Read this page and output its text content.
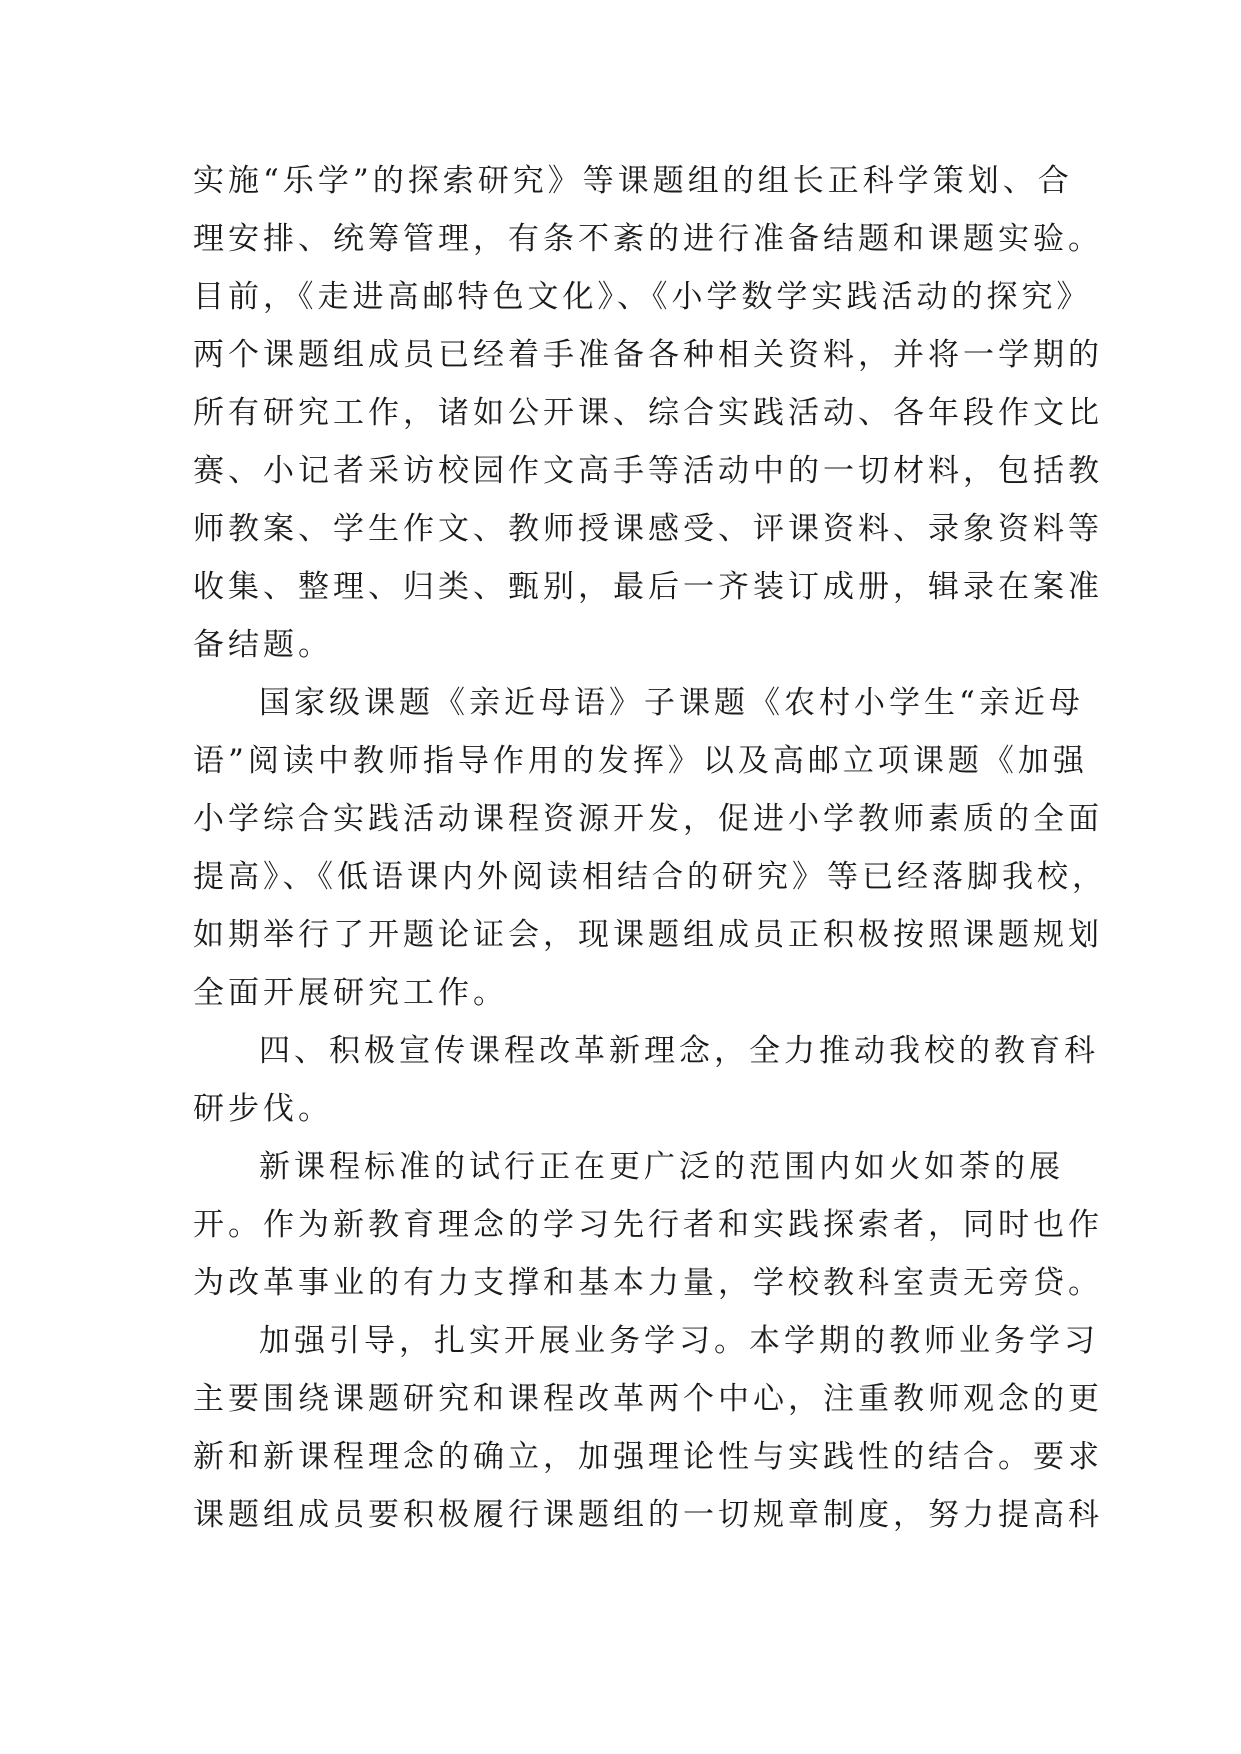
实施“乐学”的探索研究》等课题组的组长正科学策划、合
理安排、统筹管理，有条不紊的进行准备结题和课题实验。
目前，《走进高邮特色文化》、《小学数学实践活动的探究》
两个课题组成员已经着手准备各种相关资料，并将一学期的
所有研究工作，诸如公开课、综合实践活动、各年段作文比
赛、小记者采访校园作文高手等活动中的一切材料，包括教
师教案、学生作文、教师授课感受、评课资料、录象资料等
收集、整理、归类、甄别，最后一齐装订成册，辑录在案准
备结题。
国家级课题《亲近母语》子课题《农村小学生“亲近母
语”阅读中教师指导作用的发挥》以及高邮立项课题《加强
小学综合实践活动课程资源开发，促进小学教师素质的全面
提高》、《低语课内外阅读相结合的研究》等已经落脚我校，
如期举行了开题论证会，现课题组成员正积极按照课题规划
全面开展研究工作。
四、积极宣传课程改革新理念，全力推动我校的教育科
研步伐。
新课程标准的试行正在更广泛的范围内如火如荼的展
开。作为新教育理念的学习先行者和实践探索者，同时也作
为改革事业的有力支撑和基本力量，学校教科室责无旁贷。
加强引导，扎实开展业务学习。本学期的教师业务学习
主要围绕课题研究和课程改革两个中心，注重教师观念的更
新和新课程理念的确立，加强理论性与实践性的结合。要求
课题组成员要积极履行课题组的一切规章制度，努力提高科
